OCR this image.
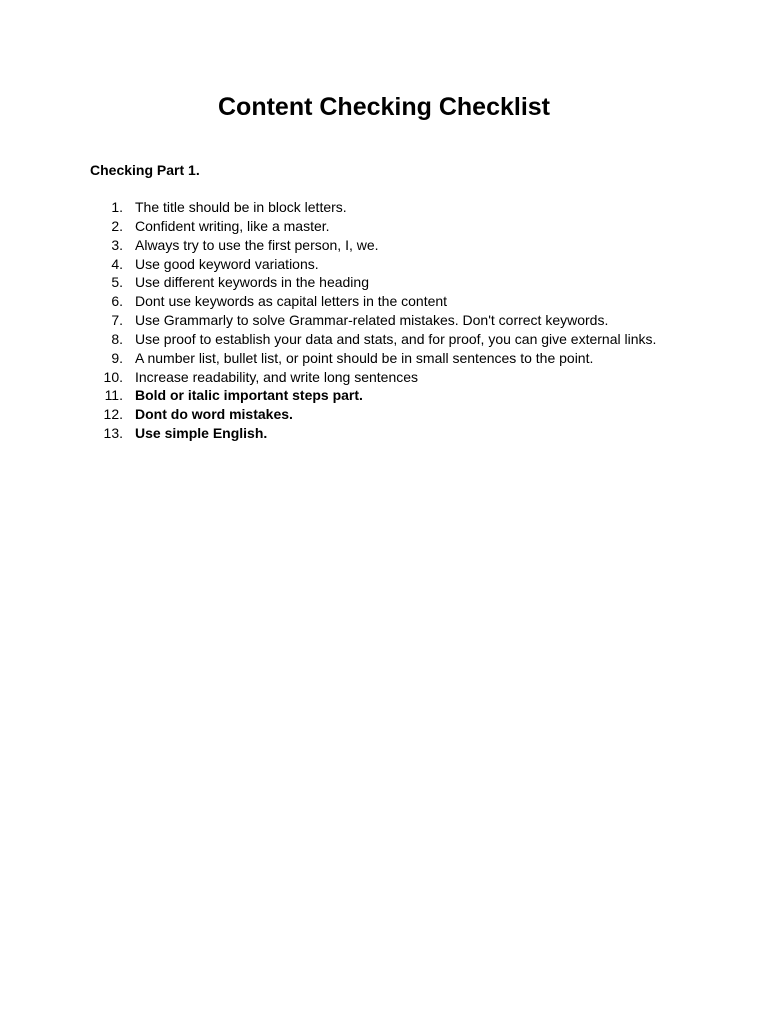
Content Checking Checklist

Checking Part 1.

1. The title should be in block letters.
2. Confident writing, like a master.
3. Always try to use the first person, I, we.
4. Use good keyword variations.
5. Use different keywords in the heading
6. Dont use keywords as capital letters in the content
7. Use Grammarly to solve Grammar-related mistakes. Don't correct keywords.
8. Use proof to establish your data and stats, and for proof, you can give external links.
9. A number list, bullet list, or point should be in small sentences to the point.
10. Increase readability, and write long sentences
11. Bold or italic important steps part.
12. Dont do word mistakes.
13. Use simple English.
